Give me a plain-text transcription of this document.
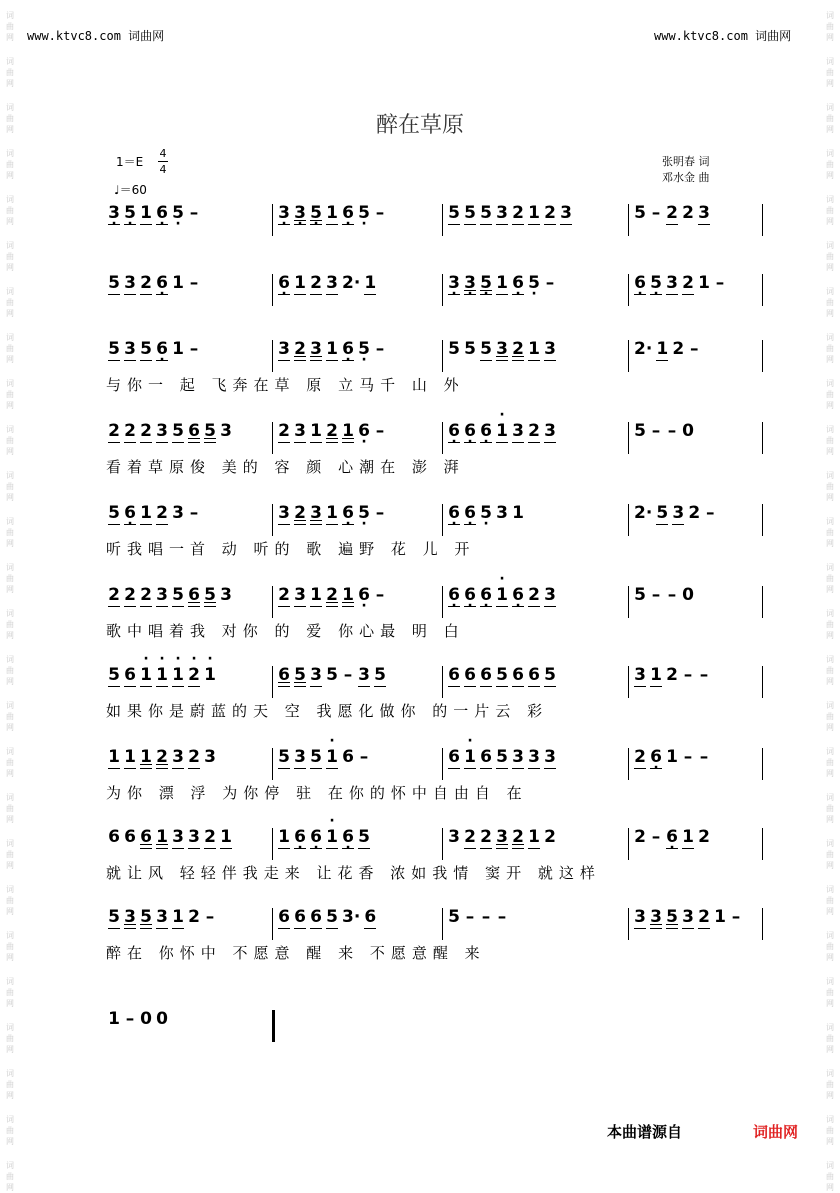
词
曲
网
词
曲
网
词
曲
网
词
曲
网
词
曲
网
词
曲
网
词
曲
网
词
曲
网
词
曲
网
词
曲
网
词
曲
网
词
曲
网
词
曲
网
词
曲
网
词
曲
网
词
曲
网
词
曲
网
词
曲
网
词
曲
网
词
曲
网
词
曲
网
词
曲
网
词
曲
网
词
曲
网
词
曲
网
词
曲
网
词
曲
网
词
曲
网
词
曲
网
词
曲
网
词
曲
网
词
曲
网
词
曲
网
词
曲
网
词
曲
网
词
曲
网
词
曲
网
词
曲
网
词
曲
网
词
曲
网
词
曲
网
词
曲
网
词
曲
网
词
曲
网
词
曲
网
词
曲
网
词
曲
网
词
曲
网
词
曲
网
词
曲
网
词
曲
网
词
曲
网
www.ktvc8.com 词曲网	www.ktvc8.com 词曲网
醉在草原
1＝E
4
4
♩＝60
张明春 词
邓水金 曲
· 3 · 5 1 · 6 · 5 –	· 3 · 3 · 5 1 · 6 · 5 –	5 5 5 3 2 1 2 3	5 – 2 2 3
5 3 2 · 6 1 –	· 6 1 2 3 2· 1	· 3 · 3 · 5 1 · 6 · 5 –	· 6 · 5 3 2 1 –
5 3 5 · 6 1 –	3 2 3 1 · 6 · 5 –	5 5 5 3 2 1 3	2· 1 2 –
与你一 起 飞奔在草 原 立马千 山 外
2 2 2 3 5 6 5 3	2 3 1 2 1 · 6 –	· 6 · 6 · 6 · 1 3 2 3	5 – – 0
看着草原俊 美的 容 颜 心潮在 澎 湃
5 · 6 1 2 3 –	3 2 3 1 · 6 · 5 –	· 6 · 6 · 5 3 1	2· 5 3 2 –
听我唱一首 动 听的 歌 遍野 花 儿 开
2 2 2 3 5 6 5 3	2 3 1 2 1 · 6 –	· 6 · 6 · 6 · 1 · 6 2 3	5 – – 0
歌中唱着我 对你 的 爱 你心最 明 白
5 6 · 1 · 1 · 1 · 2 · 1	6 5 3 5 – 3 5	6 6 6 5 6 6 5	3 1 2 – –
如果你是蔚蓝的天 空 我愿化做你 的一片云 彩
1 1 1 2 3 2 3	5 3 5 · 1 6 –	6 · 1 6 5 3 3 3	2 · 6 1 – –
为你 漂 浮 为你停 驻 在你的怀中自由自 在
6 6 6 1 3 3 2 1	1 · 6 · 6 · 1 · 6 5	3 2 2 3 2 1 2	2 – · 6 1 2
就让风 轻轻伴我走来 让花香 浓如我情 窦开 就这样
5 3 5 3 1 2 –	6 6 6 5 3· 6	5 – – –	3 3 5 3 2 1 –
醉在 你怀中 不愿意 醒 来 不愿意醒 来
1 – 0 0
本曲谱源自	词曲网
